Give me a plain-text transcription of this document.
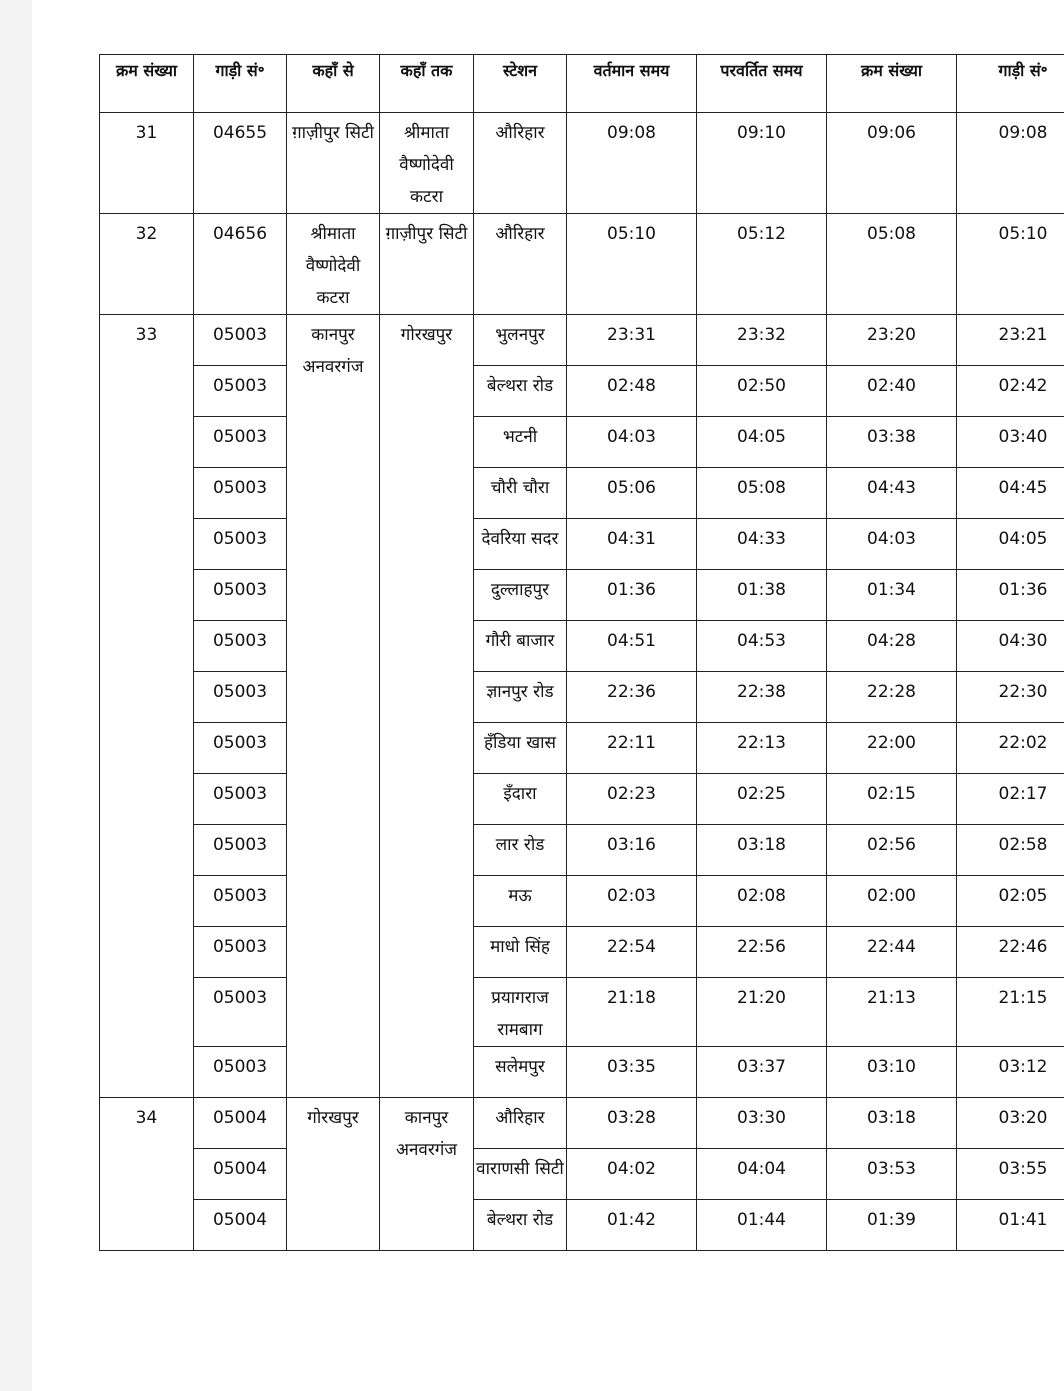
क्रम संख्या	गाड़ी सं॰	कहाँ से	कहाँ तक	स्टेशन	वर्तमान समय	परवर्तित समय	क्रम संख्या	गाड़ी सं॰
31	04655	ग़ाज़ीपुर सिटी	श्रीमाता वैष्णोदेवी कटरा	औरिहार	09:08	09:10	09:06	09:08
32	04656	श्रीमाता वैष्णोदेवी कटरा	ग़ाज़ीपुर सिटी	औरिहार	05:10	05:12	05:08	05:10
33	05003	कानपुर अनवरगंज	गोरखपुर	भुलनपुर	23:31	23:32	23:20	23:21
	05003			बेल्थरा रोड	02:48	02:50	02:40	02:42
	05003			भटनी	04:03	04:05	03:38	03:40
	05003			चौरी चौरा	05:06	05:08	04:43	04:45
	05003			देवरिया सदर	04:31	04:33	04:03	04:05
	05003			दुल्लाहपुर	01:36	01:38	01:34	01:36
	05003			गौरी बाजार	04:51	04:53	04:28	04:30
	05003			ज्ञानपुर रोड	22:36	22:38	22:28	22:30
	05003			हँडिया खास	22:11	22:13	22:00	22:02
	05003			इँदारा	02:23	02:25	02:15	02:17
	05003			लार रोड	03:16	03:18	02:56	02:58
	05003			मऊ	02:03	02:08	02:00	02:05
	05003			माधो सिंह	22:54	22:56	22:44	22:46
	05003			प्रयागराज रामबाग	21:18	21:20	21:13	21:15
	05003			सलेमपुर	03:35	03:37	03:10	03:12
34	05004	गोरखपुर	कानपुर अनवरगंज	औरिहार	03:28	03:30	03:18	03:20
	05004			वाराणसी सिटी	04:02	04:04	03:53	03:55
	05004			बेल्थरा रोड	01:42	01:44	01:39	01:41
